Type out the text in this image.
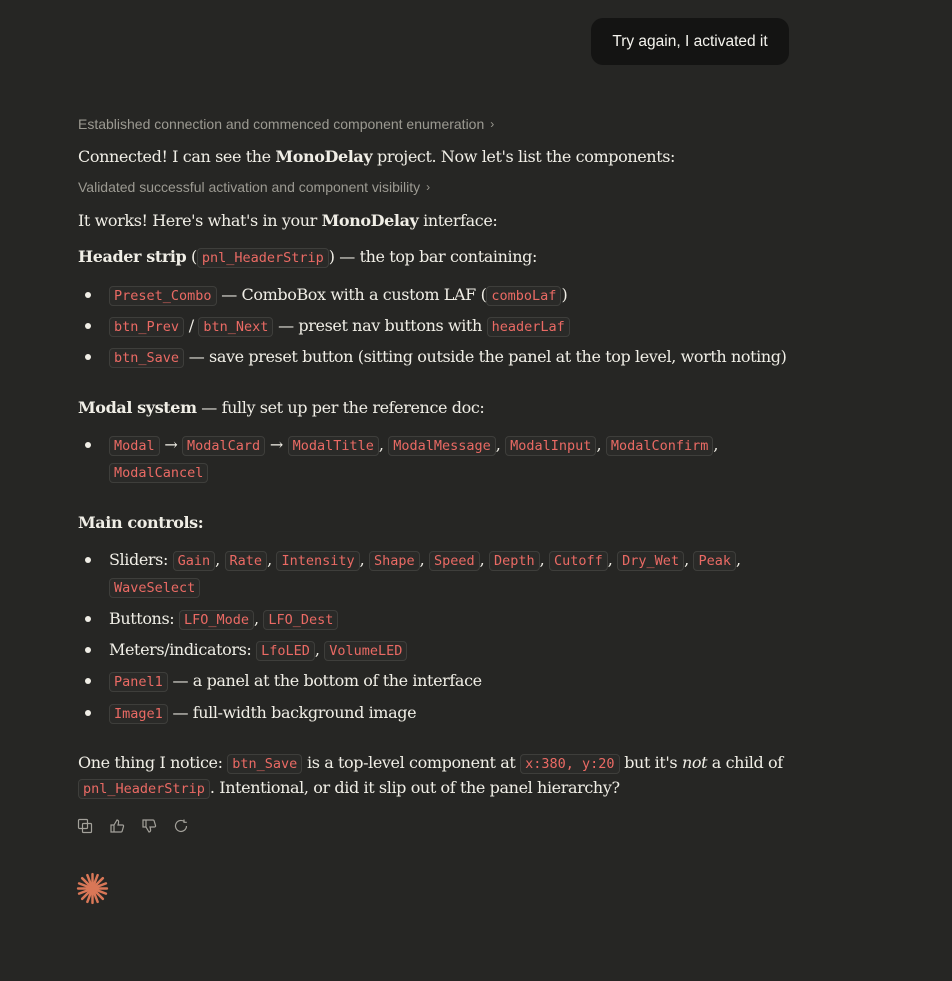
Try again, I activated it
Established connection and commenced component enumeration ›
Connected! I can see the MonoDelay project. Now let's list the components:
Validated successful activation and component visibility ›
It works! Here's what's in your MonoDelay interface:
Header strip ( pnl_HeaderStrip ) — the top bar containing:
Preset_Combo — ComboBox with a custom LAF ( comboLaf )
btn_Prev / btn_Next — preset nav buttons with headerLaf
btn_Save — save preset button (sitting outside the panel at the top level, worth noting)
Modal system — fully set up per the reference doc:
Modal → ModalCard → ModalTitle , ModalMessage , ModalInput , ModalConfirm ,
ModalCancel
Main controls:
Sliders: Gain , Rate , Intensity , Shape , Speed , Depth , Cutoff , Dry_Wet , Peak ,
WaveSelect
Buttons: LFO_Mode , LFO_Dest
Meters/indicators: LfoLED , VolumeLED
Panel1 — a panel at the bottom of the interface
Image1 — full-width background image
One thing I notice: btn_Save is a top-level component at x:380, y:20 but it's not a child of
pnl_HeaderStrip . Intentional, or did it slip out of the panel hierarchy?
